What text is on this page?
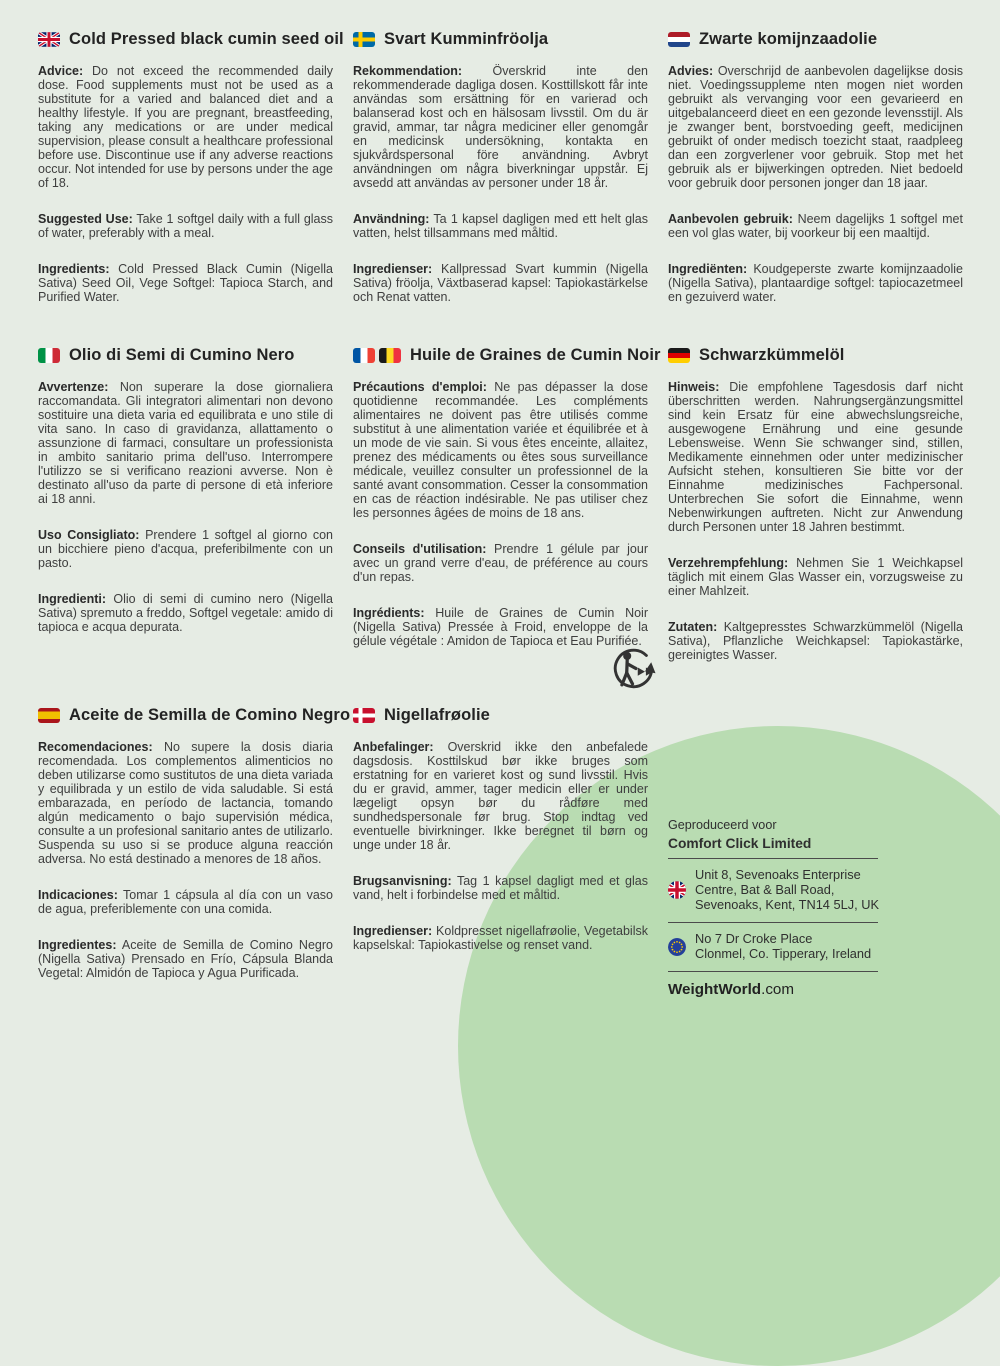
Cold Pressed black cumin seed oil

Advice: Do not exceed the recommended daily dose. Food supplements must not be used as a substitute for a varied and balanced diet and a healthy lifestyle. If you are pregnant, breastfeeding, taking any medications or are under medical supervision, please consult a healthcare professional before use. Discontinue use if any adverse reactions occur. Not intended for use by persons under the age of 18.

Suggested Use: Take 1 softgel daily with a full glass of water, preferably with a meal.

Ingredients: Cold Pressed Black Cumin (Nigella Sativa) Seed Oil, Vege Softgel: Tapioca Starch, and Purified Water.

Svart Kumminfröolja

Rekommendation: Överskrid inte den rekommenderade dagliga dosen. Kosttillskott får inte användas som ersättning för en varierad och balanserad kost och en hälsosam livsstil. Om du är gravid, ammar, tar några mediciner eller genomgår en medicinsk undersökning, kontakta en sjukvårdspersonal före användning. Avbryt användningen om några biverkningar uppstår. Ej avsedd att användas av personer under 18 år.

Användning: Ta 1 kapsel dagligen med ett helt glas vatten, helst tillsammans med måltid.

Ingredienser: Kallpressad Svart kummin (Nigella Sativa) fröolja, Växtbaserad kapsel: Tapiokastärkelse och Renat vatten.

Zwarte komijnzaadolie

Advies: Overschrijd de aanbevolen dagelijkse dosis niet. Voedingssuppleme nten mogen niet worden gebruikt als vervanging voor een gevarieerd en uitgebalanceerd dieet en een gezonde levensstijl. Als je zwanger bent, borstvoeding geeft, medicijnen gebruikt of onder medisch toezicht staat, raadpleeg dan een zorgverlener voor gebruik. Stop met het gebruik als er bijwerkingen optreden. Niet bedoeld voor gebruik door personen jonger dan 18 jaar.

Aanbevolen gebruik: Neem dagelijks 1 softgel met een vol glas water, bij voorkeur bij een maaltijd.

Ingrediënten: Koudgeperste zwarte komijnzaadolie (Nigella Sativa), plantaardige softgel: tapiocazetmeel en gezuiverd water.

Olio di Semi di Cumino Nero

Avvertenze: Non superare la dose giornaliera raccomandata. Gli integratori alimentari non devono sostituire una dieta varia ed equilibrata e uno stile di vita sano. In caso di gravidanza, allattamento o assunzione di farmaci, consultare un professionista in ambito sanitario prima dell'uso. Interrompere l'utilizzo se si verificano reazioni avverse. Non è destinato all'uso da parte di persone di età inferiore ai 18 anni.

Uso Consigliato: Prendere 1 softgel al giorno con un bicchiere pieno d'acqua, preferibilmente con un pasto.

Ingredienti: Olio di semi di cumino nero (Nigella Sativa) spremuto a freddo, Softgel vegetale: amido di tapioca e acqua depurata.

Huile de Graines de Cumin Noir

Précautions d'emploi: Ne pas dépasser la dose quotidienne recommandée. Les compléments alimentaires ne doivent pas être utilisés comme substitut à une alimentation variée et équilibrée et à un mode de vie sain. Si vous êtes enceinte, allaitez, prenez des médicaments ou êtes sous surveillance médicale, veuillez consulter un professionnel de la santé avant consommation. Cesser la consommation en cas de réaction indésirable. Ne pas utiliser chez les personnes âgées de moins de 18 ans.

Conseils d'utilisation: Prendre 1 gélule par jour avec un grand verre d'eau, de préférence au cours d'un repas.

Ingrédients: Huile de Graines de Cumin Noir (Nigella Sativa) Pressée à Froid, enveloppe de la gélule végétale : Amidon de Tapioca et Eau Purifiée.

Schwarzkümmelöl

Hinweis: Die empfohlene Tagesdosis darf nicht überschritten werden. Nahrungsergänzungsmittel sind kein Ersatz für eine abwechslungsreiche, ausgewogene Ernährung und eine gesunde Lebensweise. Wenn Sie schwanger sind, stillen, Medikamente einnehmen oder unter medizinischer Aufsicht stehen, konsultieren Sie bitte vor der Einnahme medizinisches Fachpersonal. Unterbrechen Sie sofort die Einnahme, wenn Nebenwirkungen auftreten. Nicht zur Anwendung durch Personen unter 18 Jahren bestimmt.

Verzehrempfehlung: Nehmen Sie 1 Weichkapsel täglich mit einem Glas Wasser ein, vorzugsweise zu einer Mahlzeit.

Zutaten: Kaltgepresstes Schwarzkümmelöl (Nigella Sativa), Pflanzliche Weichkapsel: Tapiokastärke, gereinigtes Wasser.

Aceite de Semilla de Comino Negro

Recomendaciones: No supere la dosis diaria recomendada. Los complementos alimenticios no deben utilizarse como sustitutos de una dieta variada y equilibrada y un estilo de vida saludable. Si está embarazada, en período de lactancia, tomando algún medicamento o bajo supervisión médica, consulte a un profesional sanitario antes de utilizarlo. Suspenda su uso si se produce alguna reacción adversa. No está destinado a menores de 18 años.

Indicaciones: Tomar 1 cápsula al día con un vaso de agua, preferiblemente con una comida.

Ingredientes: Aceite de Semilla de Comino Negro (Nigella Sativa) Prensado en Frío, Cápsula Blanda Vegetal: Almidón de Tapioca y Agua Purificada.

Nigellafrøolie

Anbefalinger: Overskrid ikke den anbefalede dagsdosis. Kosttilskud bør ikke bruges som erstatning for en varieret kost og sund livsstil. Hvis du er gravid, ammer, tager medicin eller er under lægeligt opsyn bør du rådføre med sundhedspersonale før brug. Stop indtag ved eventuelle bivirkninger. Ikke beregnet til børn og unge under 18 år.

Brugsanvisning: Tag 1 kapsel dagligt med et glas vand, helt i forbindelse med et måltid.

Ingredienser: Koldpresset nigellafrøolie, Vegetabilsk kapselskal: Tapiokastivelse og renset vand.

Geproduceerd voor
Comfort Click Limited
Unit 8, Sevenoaks Enterprise
Centre, Bat & Ball Road,
Sevenoaks, Kent, TN14 5LJ, UK
No 7 Dr Croke Place
Clonmel, Co. Tipperary, Ireland
WeightWorld.com
